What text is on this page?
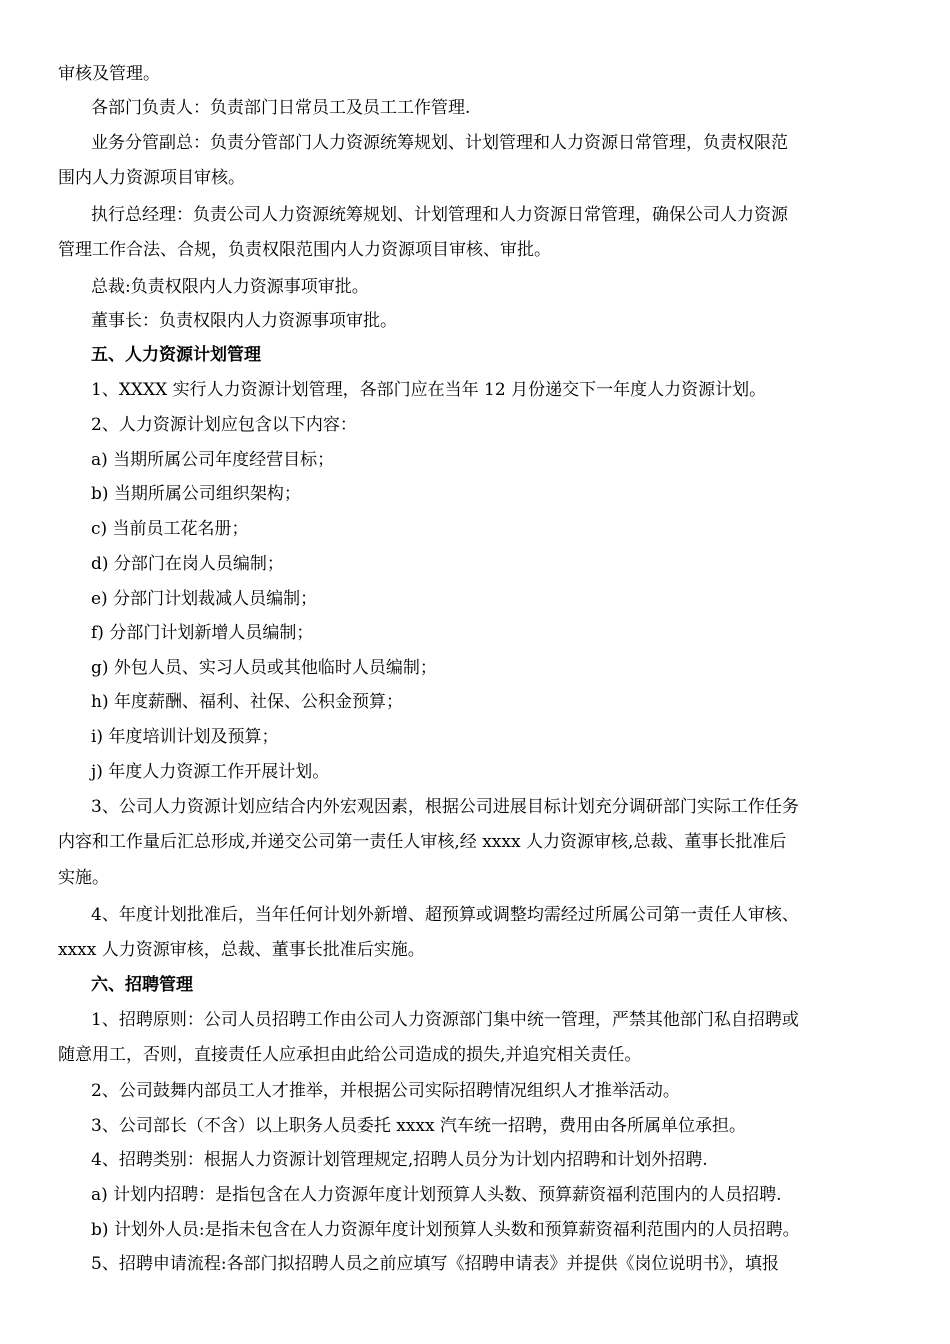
审核及管理。
各部门负责人：负责部门日常员工及员工工作管理.
业务分管副总：负责分管部门人力资源统筹规划、计划管理和人力资源日常管理，负责权限范
围内人力资源项目审核。
执行总经理：负责公司人力资源统筹规划、计划管理和人力资源日常管理，确保公司人力资源
管理工作合法、合规，负责权限范围内人力资源项目审核、审批。
总裁:负责权限内人力资源事项审批。
董事长：负责权限内人力资源事项审批。
五、人力资源计划管理
1、XXXX 实行人力资源计划管理，各部门应在当年 12 月份递交下一年度人力资源计划。
2、人力资源计划应包含以下内容：
a) 当期所属公司年度经营目标；
b) 当期所属公司组织架构；
c) 当前员工花名册；
d) 分部门在岗人员编制；
e) 分部门计划裁减人员编制；
f) 分部门计划新增人员编制；
g) 外包人员、实习人员或其他临时人员编制；
h) 年度薪酬、福利、社保、公积金预算；
i) 年度培训计划及预算；
j) 年度人力资源工作开展计划。
3、公司人力资源计划应结合内外宏观因素，根据公司进展目标计划充分调研部门实际工作任务
内容和工作量后汇总形成,并递交公司第一责任人审核,经 xxxx 人力资源审核,总裁、董事长批准后
实施。
4、年度计划批准后，当年任何计划外新增、超预算或调整均需经过所属公司第一责任人审核、
xxxx 人力资源审核，总裁、董事长批准后实施。
六、招聘管理
1、招聘原则：公司人员招聘工作由公司人力资源部门集中统一管理，严禁其他部门私自招聘或
随意用工，否则，直接责任人应承担由此给公司造成的损失,并追究相关责任。
2、公司鼓舞内部员工人才推举，并根据公司实际招聘情况组织人才推举活动。
3、公司部长（不含）以上职务人员委托 xxxx 汽车统一招聘，费用由各所属单位承担。
4、招聘类别：根据人力资源计划管理规定,招聘人员分为计划内招聘和计划外招聘.
a) 计划内招聘：是指包含在人力资源年度计划预算人头数、预算薪资福利范围内的人员招聘.
b) 计划外人员:是指未包含在人力资源年度计划预算人头数和预算薪资福利范围内的人员招聘。
5、招聘申请流程:各部门拟招聘人员之前应填写《招聘申请表》并提供《岗位说明书》，填报
